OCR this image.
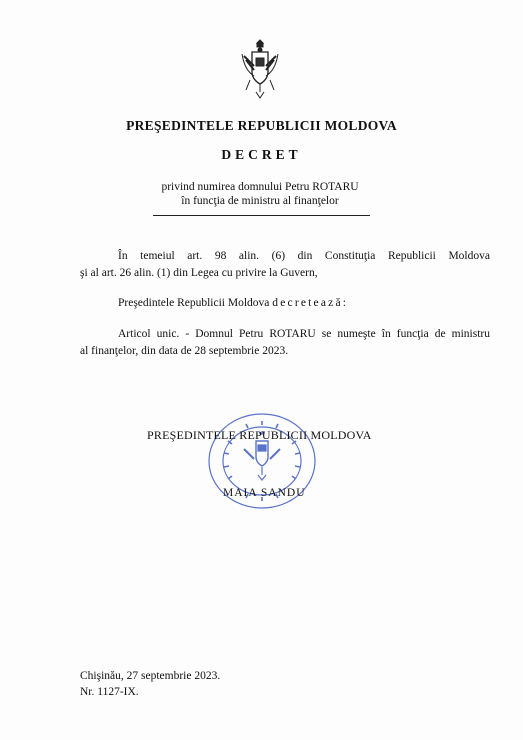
PREŞEDINTELE REPUBLICII MOLDOVA
DECRET
privind numirea domnului Petru ROTARU
în funcţia de ministru al finanţelor
În temeiul art. 98 alin. (6) din Constituţia Republicii Moldova
şi al art. 26 alin. (1) din Legea cu privire la Guvern,
Preşedintele Republicii Moldova decretează:
Articol unic. - Domnul Petru ROTARU se numeşte în funcţia de ministru
al finanţelor, din data de 28 septembrie 2023.
PREŞEDINTELE REPUBLICII MOLDOVA
MAIA SANDU
Chişinău, 27 septembrie 2023.
Nr. 1127-IX.
